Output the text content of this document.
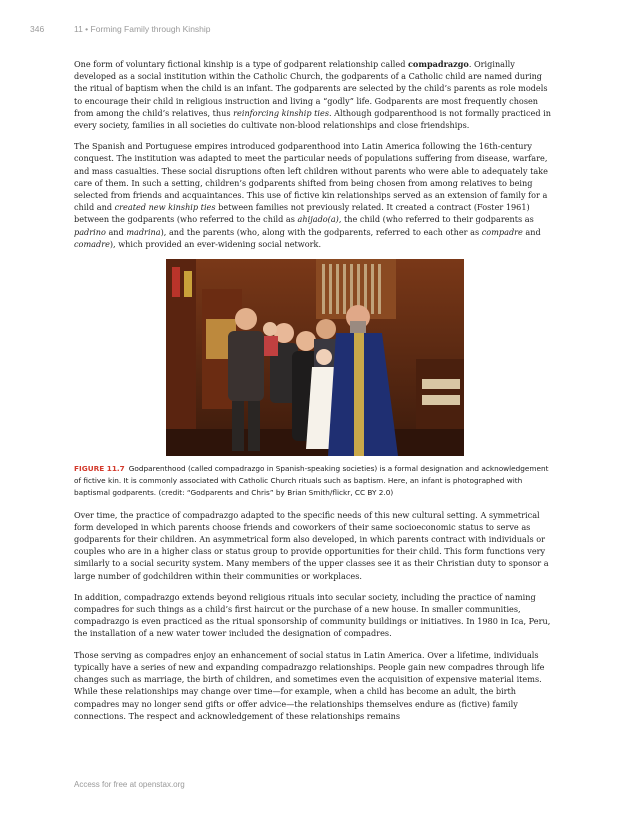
346	11 • Forming Family through Kinship

One form of voluntary fictional kinship is a type of godparent relationship called compadrazgo. Originally developed as a social institution within the Catholic Church, the godparents of a Catholic child are named during the ritual of baptism when the child is an infant. The godparents are selected by the child’s parents as role models to encourage their child in religious instruction and living a “godly” life. Godparents are most frequently chosen from among the child’s relatives, thus reinforcing kinship ties. Although godparenthood is not formally practiced in every society, families in all societies do cultivate non-blood relationships and close friendships.

The Spanish and Portuguese empires introduced godparenthood into Latin America following the 16th-century conquest. The institution was adapted to meet the particular needs of populations suffering from disease, warfare, and mass casualties. These social disruptions often left children without parents who were able to adequately take care of them. In such a setting, children’s godparents shifted from being chosen from among relatives to being selected from friends and acquaintances. This use of fictive kin relationships served as an extension of family for a child and created new kinship ties between families not previously related. It created a contract (Foster 1961) between the godparents (who referred to the child as ahijado(a), the child (who referred to their godparents as padrino and madrina), and the parents (who, along with the godparents, referred to each other as compadre and comadre), which provided an ever-widening social network.

FIGURE 11.7 Godparenthood (called compadrazgo in Spanish-speaking societies) is a formal designation and acknowledgement of fictive kin. It is commonly associated with Catholic Church rituals such as baptism. Here, an infant is photographed with baptismal godparents. (credit: “Godparents and Chris” by Brian Smith/flickr, CC BY 2.0)

Over time, the practice of compadrazgo adapted to the specific needs of this new cultural setting. A symmetrical form developed in which parents choose friends and coworkers of their same socioeconomic status to serve as godparents for their children. An asymmetrical form also developed, in which parents contract with individuals or couples who are in a higher class or status group to provide opportunities for their child. This form functions very similarly to a social security system. Many members of the upper classes see it as their Christian duty to sponsor a large number of godchildren within their communities or workplaces.

In addition, compadrazgo extends beyond religious rituals into secular society, including the practice of naming compadres for such things as a child’s first haircut or the purchase of a new house. In smaller communities, compadrazgo is even practiced as the ritual sponsorship of community buildings or initiatives. In 1980 in Ica, Peru, the installation of a new water tower included the designation of compadres.

Those serving as compadres enjoy an enhancement of social status in Latin America. Over a lifetime, individuals typically have a series of new and expanding compadrazgo relationships. People gain new compadres through life changes such as marriage, the birth of children, and sometimes even the acquisition of expensive material items. While these relationships may change over time—for example, when a child has become an adult, the birth compadres may no longer send gifts or offer advice—the relationships themselves endure as (fictive) family connections. The respect and acknowledgement of these relationships remains

Access for free at openstax.org
